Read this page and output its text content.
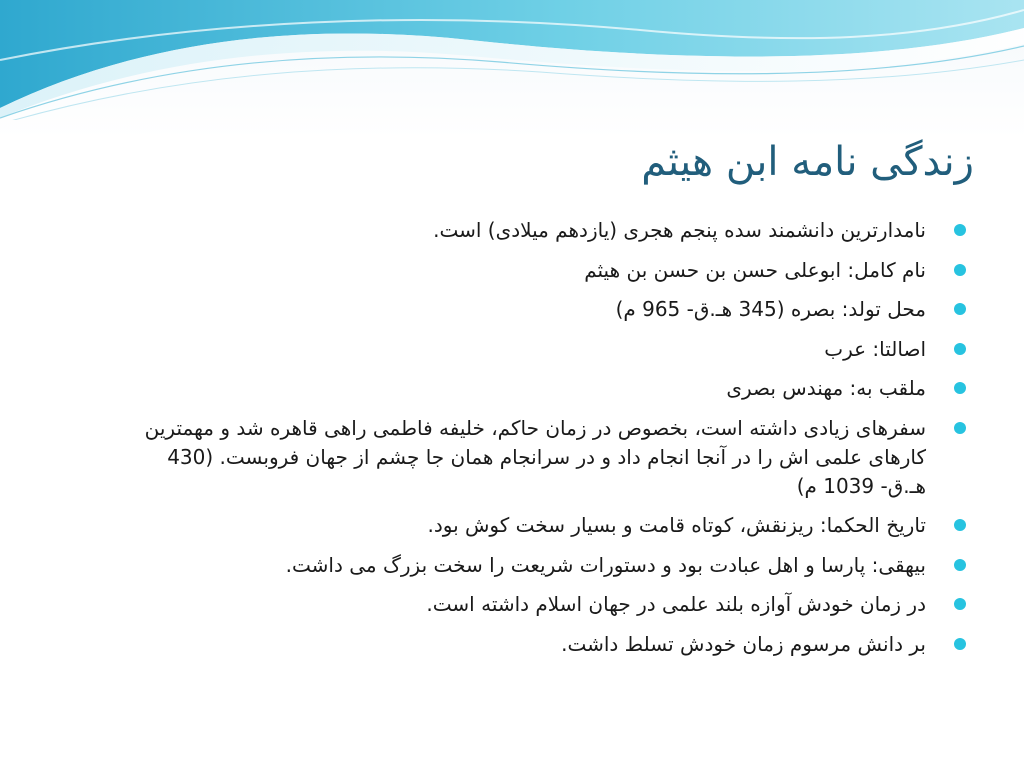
زندگی نامه ابن هیثم
نامدارترین دانشمند سده پنجم هجری (یازدهم میلادی) است.
نام کامل: ابوعلی حسن بن حسن بن هیثم
محل تولد: بصره (345 هـ.ق- 965 م)
اصالتا: عرب
ملقب به: مهندس بصری
سفرهای زیادی داشته است، بخصوص در زمان حاکم، خلیفه فاطمی راهی قاهره شد و مهمترین کارهای علمی اش را در آنجا انجام داد و در سرانجام همان جا چشم از جهان فروبست. (430 هـ.ق- 1039 م)
تاریخ الحکما: ریزنقش، کوتاه قامت و بسیار سخت کوش بود.
بیهقی: پارسا و اهل عبادت بود و دستورات شریعت را سخت بزرگ می داشت.
در زمان خودش آوازه بلند علمی در جهان اسلام داشته است.
بر دانش مرسوم زمان خودش تسلط داشت.
